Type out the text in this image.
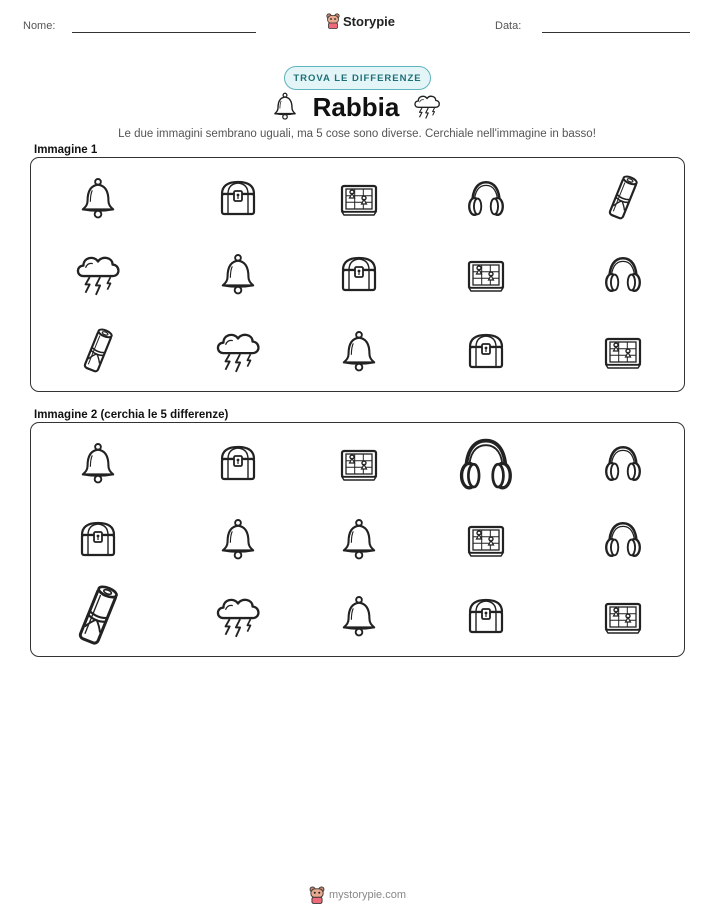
Nome:	Storypie	Data:
TROVA LE DIFFERENZE
Rabbia
Le due immagini sembrano uguali, ma 5 cose sono diverse. Cerchiale nell'immagine in basso!
Immagine 1
Immagine 2 (cerchia le 5 differenze)
mystorypie.com
